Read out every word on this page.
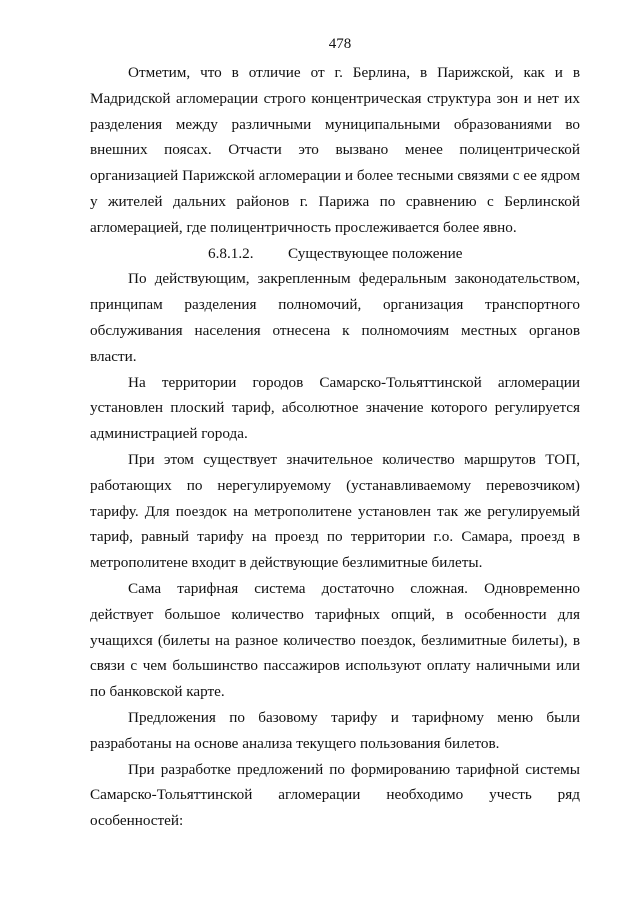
478

Отметим, что в отличие от г. Берлина, в Парижской, как и в Мадридской агломерации строго концентрическая структура зон и нет их разделения между различными муниципальными образованиями во внешних поясах. Отчасти это вызвано менее полицентрической организацией Парижской агломерации и более тесными связями с ее ядром у жителей дальних районов г. Парижа по сравнению с Берлинской агломерацией, где полицентричность прослеживается более явно.

6.8.1.2. Существующее положение

По действующим, закрепленным федеральным законодательством, принципам разделения полномочий, организация транспортного обслуживания населения отнесена к полномочиям местных органов власти.

На территории городов Самарско-Тольяттинской агломерации установлен плоский тариф, абсолютное значение которого регулируется администрацией города.

При этом существует значительное количество маршрутов ТОП, работающих по нерегулируемому (устанавливаемому перевозчиком) тарифу. Для поездок на метрополитене установлен так же регулируемый тариф, равный тарифу на проезд по территории г.о. Самара, проезд в метрополитене входит в действующие безлимитные билеты.

Сама тарифная система достаточно сложная. Одновременно действует большое количество тарифных опций, в особенности для учащихся (билеты на разное количество поездок, безлимитные билеты), в связи с чем большинство пассажиров используют оплату наличными или по банковской карте.

Предложения по базовому тарифу и тарифному меню были разработаны на основе анализа текущего пользования билетов.

При разработке предложений по формированию тарифной системы Самарско-Тольяттинской агломерации необходимо учесть ряд особенностей:
